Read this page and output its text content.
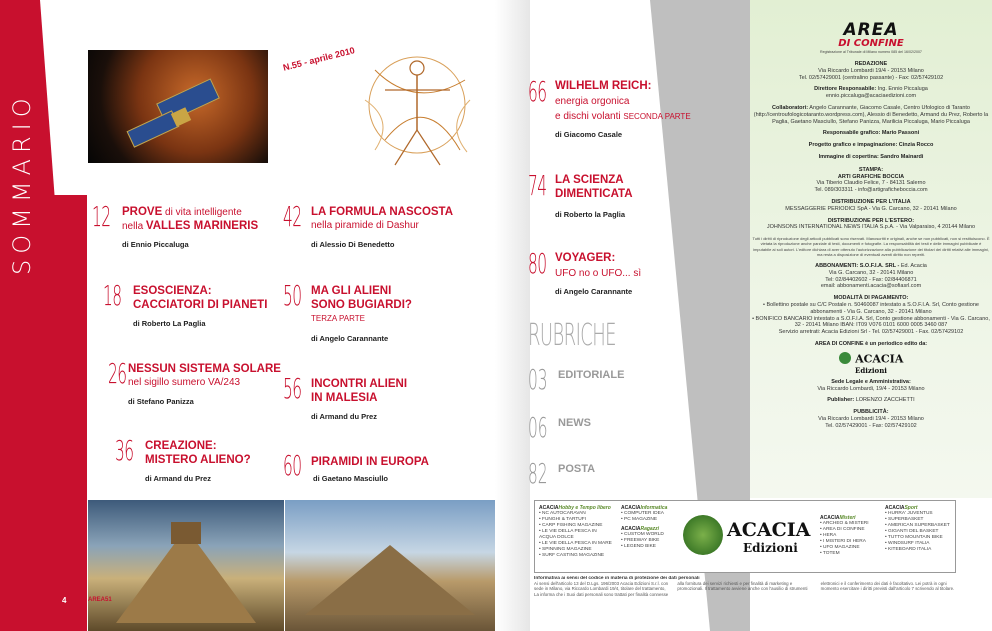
SOMMARIO
N.55 - aprile 2010
12 PROVE di vita intelligente
nella VALLES MARINERIS
di Ennio Piccaluga
18 ESOSCIENZA:
CACCIATORI DI PIANETI
di Roberto La Paglia
26 NESSUN SISTEMA SOLARE
nel sigillo sumero VA/243
di Stefano Panizza
36 CREAZIONE:
MISTERO ALIENO?
di Armand du Prez
42 LA FORMULA NASCOSTA
nella piramide di Dashur
di Alessio Di Benedetto
50 MA GLI ALIENI
SONO BUGIARDI?
TERZA PARTE
di Angelo Carannante
56 INCONTRI ALIENI
IN MALESIA
di Armand du Prez
60 PIRAMIDI IN EUROPA
di Gaetano Masciullo
4	AREA51
66 WILHELM REICH:
energia orgonica
e dischi volanti SECONDA PARTE
di Giacomo Casale
74 LA SCIENZA
DIMENTICATA
di Roberto la Paglia
80 VOYAGER:
UFO no o UFO... sì
di Angelo Carannante
RUBRICHE
03 EDITORIALE
06 NEWS
82 POSTA
AREA
DI CONFINE
Registrazione al Tribunale di Milano numero 085 del 16/02/2007
REDAZIONE
Via Riccardo Lombardi 19/4 - 20153 Milano
Tel. 02/57429001 (centralino passante) - Fax: 02/57429102
Direttore Responsabile: Ing. Ennio Piccaluga
ennio.piccaluga@acaciaedizioni.com
Collaboratori: Angelo Carannante, Giacomo Casale, Centro Ufologico di Taranto (http://centroufologicotaranto.wordpress.com), Alessio di Benedetto, Armand du Prez, Roberto la Paglia, Gaetano Masciullo, Stefano Panizza, Marilicia Piccaluga, Mario Piccaluga
Responsabile grafico: Mario Passoni
Progetto grafico e impaginazione: Cinzia Rocco
Immagine di copertina: Sandro Mainardi
STAMPA:
ARTI GRAFICHE BOCCIA
Via Tiberio Claudio Felice, 7 - 84131 Salerno
Tel. 089/303311 - info@artigraficheboccia.com
DISTRIBUZIONE PER L'ITALIA
MESSAGGERIE PERIODICI SpA - Via G. Carcano, 32 - 20141 Milano
DISTRIBUZIONE PER L'ESTERO:
JOHNSONS INTERNATIONAL NEWS ITALIA S.p.A. - Via Valparaiso, 4 20144 Milano
Tutti i diritti di riproduzione degli articoli pubblicati sono riservati. Manoscritti e originali, anche se non pubblicati, non si restituiscono. È vietata la riproduzione anche parziale di testi, documenti e fotografie. La responsabilità dei testi e delle immagini pubblicate è imputabile ai soli autori. L'editore dichiara di aver ottenuto l'autorizzazione alla pubblicazione dei titolari dei diritti relativi alle immagini, ma resta a disposizione di eventuali aventi diritto non reperiti.
ABBONAMENTI: S.O.F.I.A. SRL - Ed. Acacia
Via G. Carcano, 32 - 20141 Milano
Tel: 02/84402602 - Fax: 02/84406871
email: abbonamenti.acacia@sofiasrl.com
MODALITÀ DI PAGAMENTO:
• Bollettino postale su C/C Postale n. 50460087 intestato a S.O.F.I.A. Srl, Conto gestione abbonamenti - Via G. Carcano, 32 - 20141 Milano
• BONIFICO BANCARIO intestato a S.O.F.I.A. Srl, Conto gestione abbonamenti - Via G. Carcano, 32 - 20141 Milano IBAN: IT09 V076 0101 6000 0005 3460 087
Servizio arretrati: Acacia Edizioni Srl - Tel. 02/57429001 - Fax. 02/57429102
AREA DI CONFINE è un periodico edito da:
ACACIA
Edizioni
Sede Legale e Amministrativa:
Via Riccardo Lombardi, 19/4 - 20153 Milano
Publisher: LORENZO ZACCHETTI
PUBBLICITÀ:
Via Riccardo Lombardi 19/4 - 20153 Milano
Tel. 02/57429001 - Fax: 02/57429102
ACACIAHobby e Tempo libero
• NC AUTOCARAVAN
• FUNGHI & TARTUFI
• CARP FISHING MAGAZINE
• LE VIE DELLA PESCA IN ACQUA DOLCE
• LE VIE DELLA PESCA IN MARE
• SPINNING MAGAZINE
• SURF CASTING MAGAZINE
ACACIAInformatica
• COMPUTER IDEA
• PC MAGAZINE
ACACIARagazzi
• CUSTOM WORLD
• FREEWAY BIKE
• LEGEND BIKE
ACACIA
Edizioni
ACACIAMisteri
• ARCHEO & MISTERI
• AREA DI CONFINE
• HERA
• I MISTERI DI HERA
• UFO MAGAZINE
• TOTEM
ACACIASport
• HURRA' JUVENTUS
• SUPERBASKET
• AMERICAN SUPERBASKET
• GIGANTI DEL BASKET
• TUTTO MOUNTAIN BIKE
• WINDSURF ITALIA
• KITEBOARD ITALIA
Informativa ai sensi del codice in materia di protezione dei dati personali
Ai sensi dell'articolo 13 del D.Lgs. 196/2003 Acacia Edizioni S.r.l. con sede in Milano, via Riccardo Lombardi 19/4, titolare del trattamento, La informa che i Suoi dati personali sono trattati per finalità connesse alla fornitura dei servizi richiesti e per finalità di marketing e promozionali. Il trattamento avviene anche con l'ausilio di strumenti elettronici e il conferimento dei dati è facoltativo. Lei potrà in ogni momento esercitare i diritti previsti dall'articolo 7 scrivendo al titolare.
